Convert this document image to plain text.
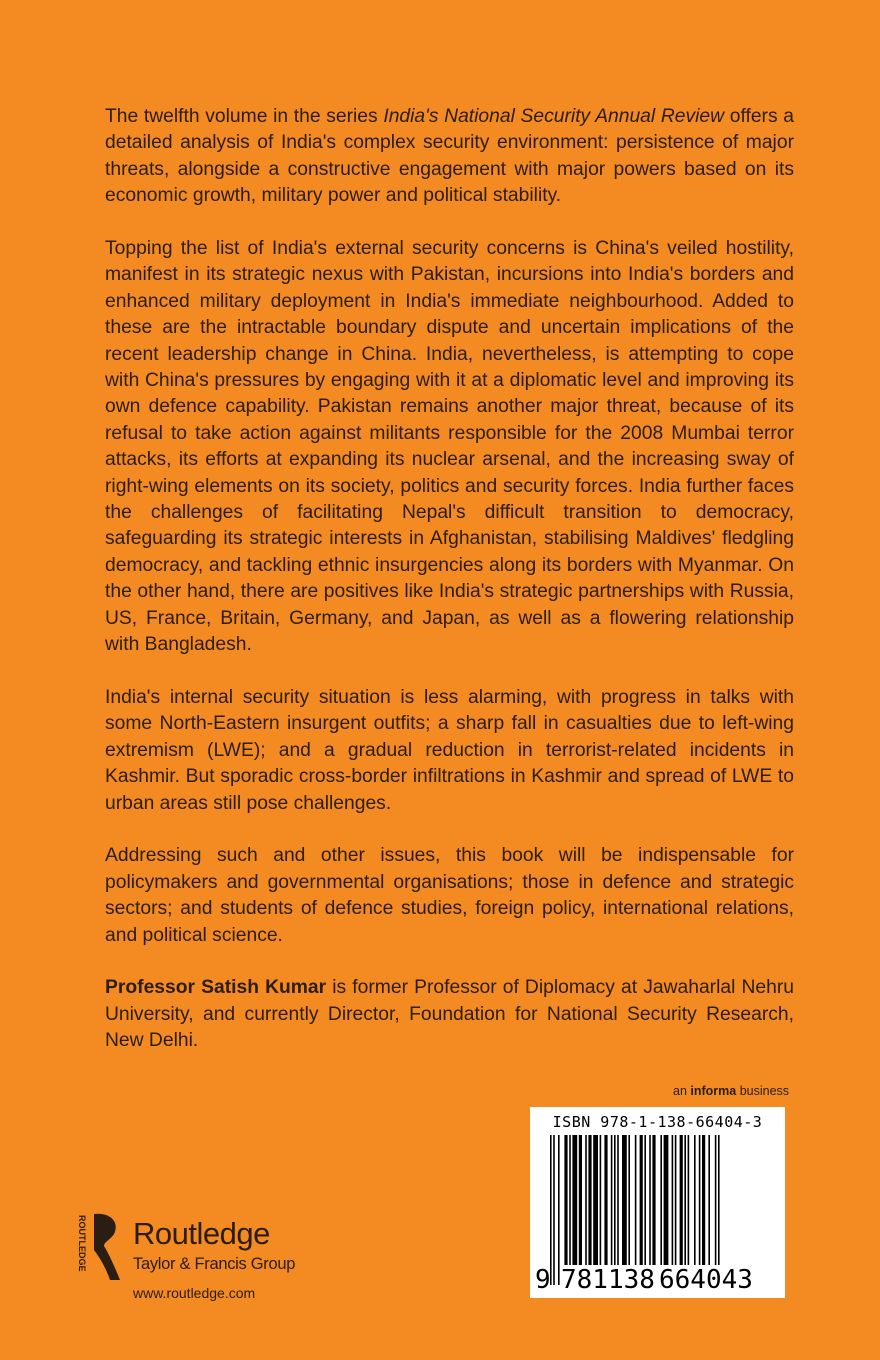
The twelfth volume in the series India's National Security Annual Review offers a detailed analysis of India's complex security environment: persistence of major threats, alongside a constructive engagement with major powers based on its economic growth, military power and political stability.

Topping the list of India's external security concerns is China's veiled hostility, manifest in its strategic nexus with Pakistan, incursions into India's borders and enhanced military deployment in India's immediate neighbourhood. Added to these are the intractable boundary dispute and uncertain implications of the recent leadership change in China. India, nevertheless, is attempting to cope with China's pressures by engaging with it at a diplomatic level and improving its own defence capability. Pakistan remains another major threat, because of its refusal to take action against militants responsible for the 2008 Mumbai terror attacks, its efforts at expanding its nuclear arsenal, and the increasing sway of right-wing elements on its society, politics and security forces. India further faces the challenges of facilitating Nepal's difficult transition to democracy, safeguarding its strategic interests in Afghanistan, stabilising Maldives' fledgling democracy, and tackling ethnic insurgencies along its borders with Myanmar. On the other hand, there are positives like India's strategic partnerships with Russia, US, France, Britain, Germany, and Japan, as well as a flowering relationship with Bangladesh.

India's internal security situation is less alarming, with progress in talks with some North-Eastern insurgent outfits; a sharp fall in casualties due to left-wing extremism (LWE); and a gradual reduction in terrorist-related incidents in Kashmir. But sporadic cross-border infiltrations in Kashmir and spread of LWE to urban areas still pose challenges.

Addressing such and other issues, this book will be indispensable for policymakers and governmental organisations; those in defence and strategic sectors; and students of defence studies, foreign policy, international relations, and political science.

Professor Satish Kumar is former Professor of Diplomacy at Jawaharlal Nehru University, and currently Director, Foundation for National Security Research, New Delhi.

an informa business
ISBN 978-1-138-66404-3
9 781138 664043
ROUTLEDGE Routledge
Taylor & Francis Group
www.routledge.com
